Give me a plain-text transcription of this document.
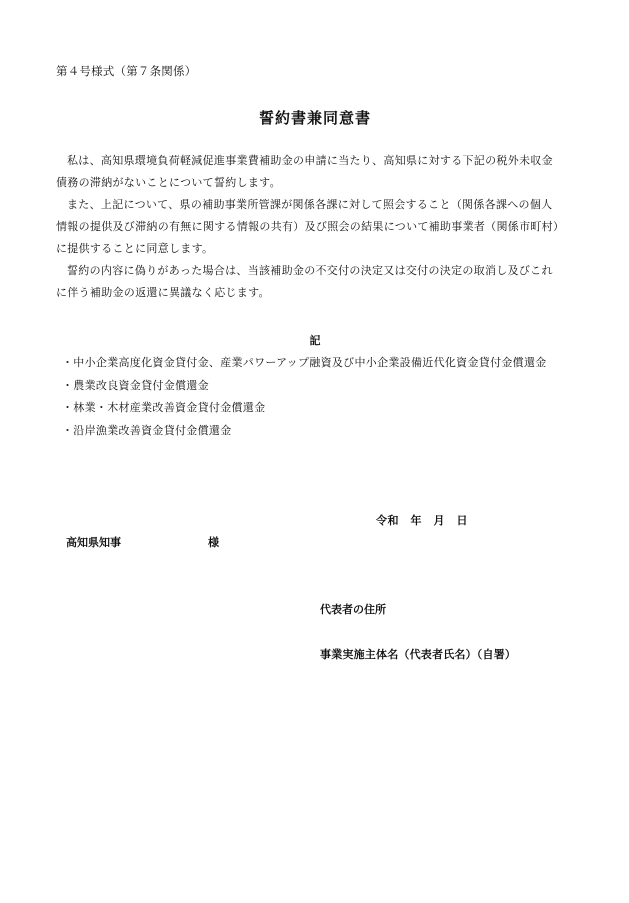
第４号様式（第７条関係）
誓約書兼同意書

私は、高知県環境負荷軽減促進事業費補助金の申請に当たり、高知県に対する下記の税外未収金
債務の滞納がないことについて誓約します。

また、上記について、県の補助事業所管課が関係各課に対して照会すること（関係各課への個人
情報の提供及び滞納の有無に関する情報の共有）及び照会の結果について補助事業者（関係市町村）
に提供することに同意します。

誓約の内容に偽りがあった場合は、当該補助金の不交付の決定又は交付の決定の取消し及びこれ
に伴う補助金の返還に異議なく応じます。

記
・中小企業高度化資金貸付金、産業パワーアップ融資及び中小企業設備近代化資金貸付金償還金
・農業改良資金貸付金償還金
・林業・木材産業改善資金貸付金償還金
・沿岸漁業改善資金貸付金償還金
令和　年　月　日
高知県知事	様
代表者の住所
事業実施主体名（代表者氏名）（自署）
